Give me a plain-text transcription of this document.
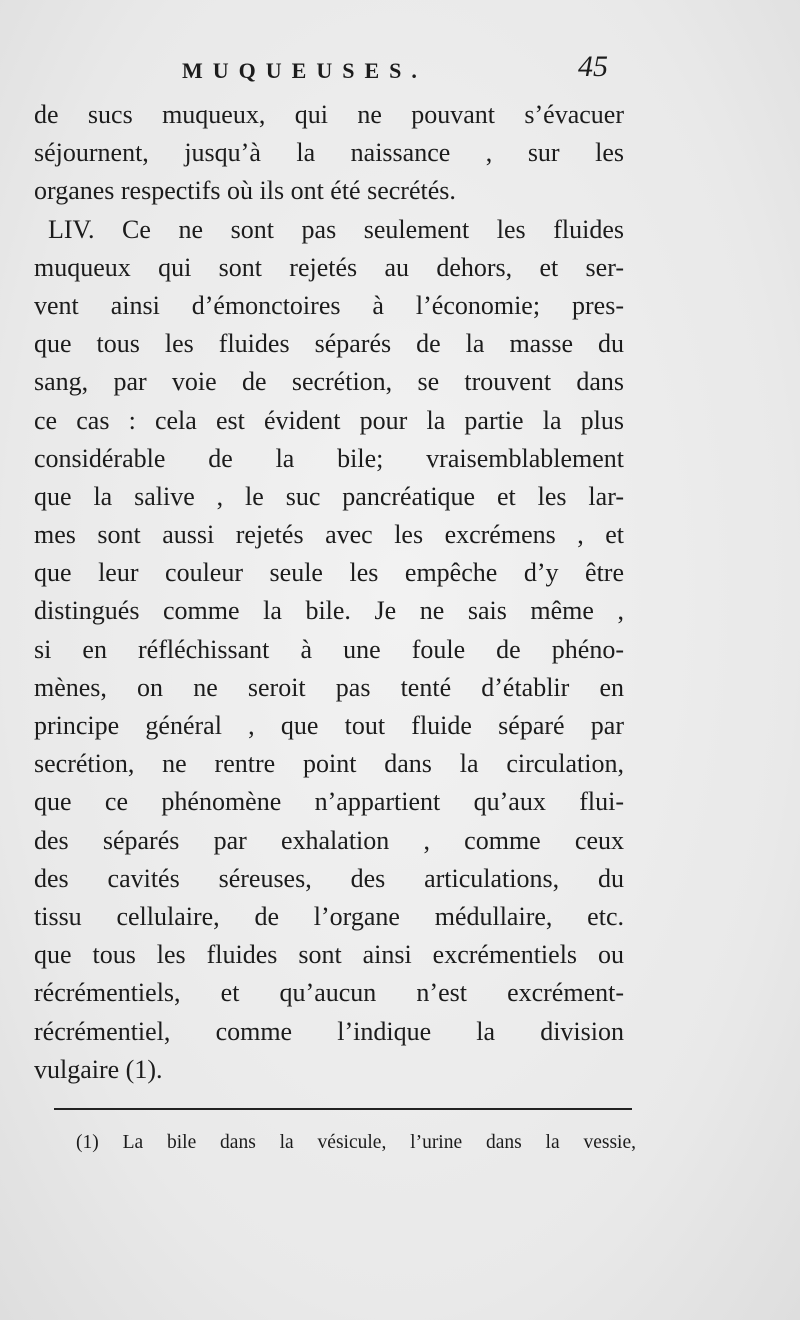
MUQUEUSES.	45
de sucs muqueux, qui ne pouvant s’évacuer
séjournent, jusqu’à la naissance , sur les
organes respectifs où ils ont été secrétés.
LIV. Ce ne sont pas seulement les fluides
muqueux qui sont rejetés au dehors, et ser-
vent ainsi d’émonctoires à l’économie; pres-
que tous les fluides séparés de la masse du
sang, par voie de secrétion, se trouvent dans
ce cas : cela est évident pour la partie la plus
considérable de la bile; vraisemblablement
que la salive , le suc pancréatique et les lar-
mes sont aussi rejetés avec les excrémens , et
que leur couleur seule les empêche d’y être
distingués comme la bile. Je ne sais même ,
si en réfléchissant à une foule de phéno-
mènes, on ne seroit pas tenté d’établir en
principe général , que tout fluide séparé par
secrétion, ne rentre point dans la circulation,
que ce phénomène n’appartient qu’aux flui-
des séparés par exhalation , comme ceux
des cavités séreuses, des articulations, du
tissu cellulaire, de l’organe médullaire, etc.
que tous les fluides sont ainsi excrémentiels ou
récrémentiels, et qu’aucun n’est excrément-
récrémentiel, comme l’indique la division
vulgaire (1).
(1) La bile dans la vésicule, l’urine dans la vessie,
